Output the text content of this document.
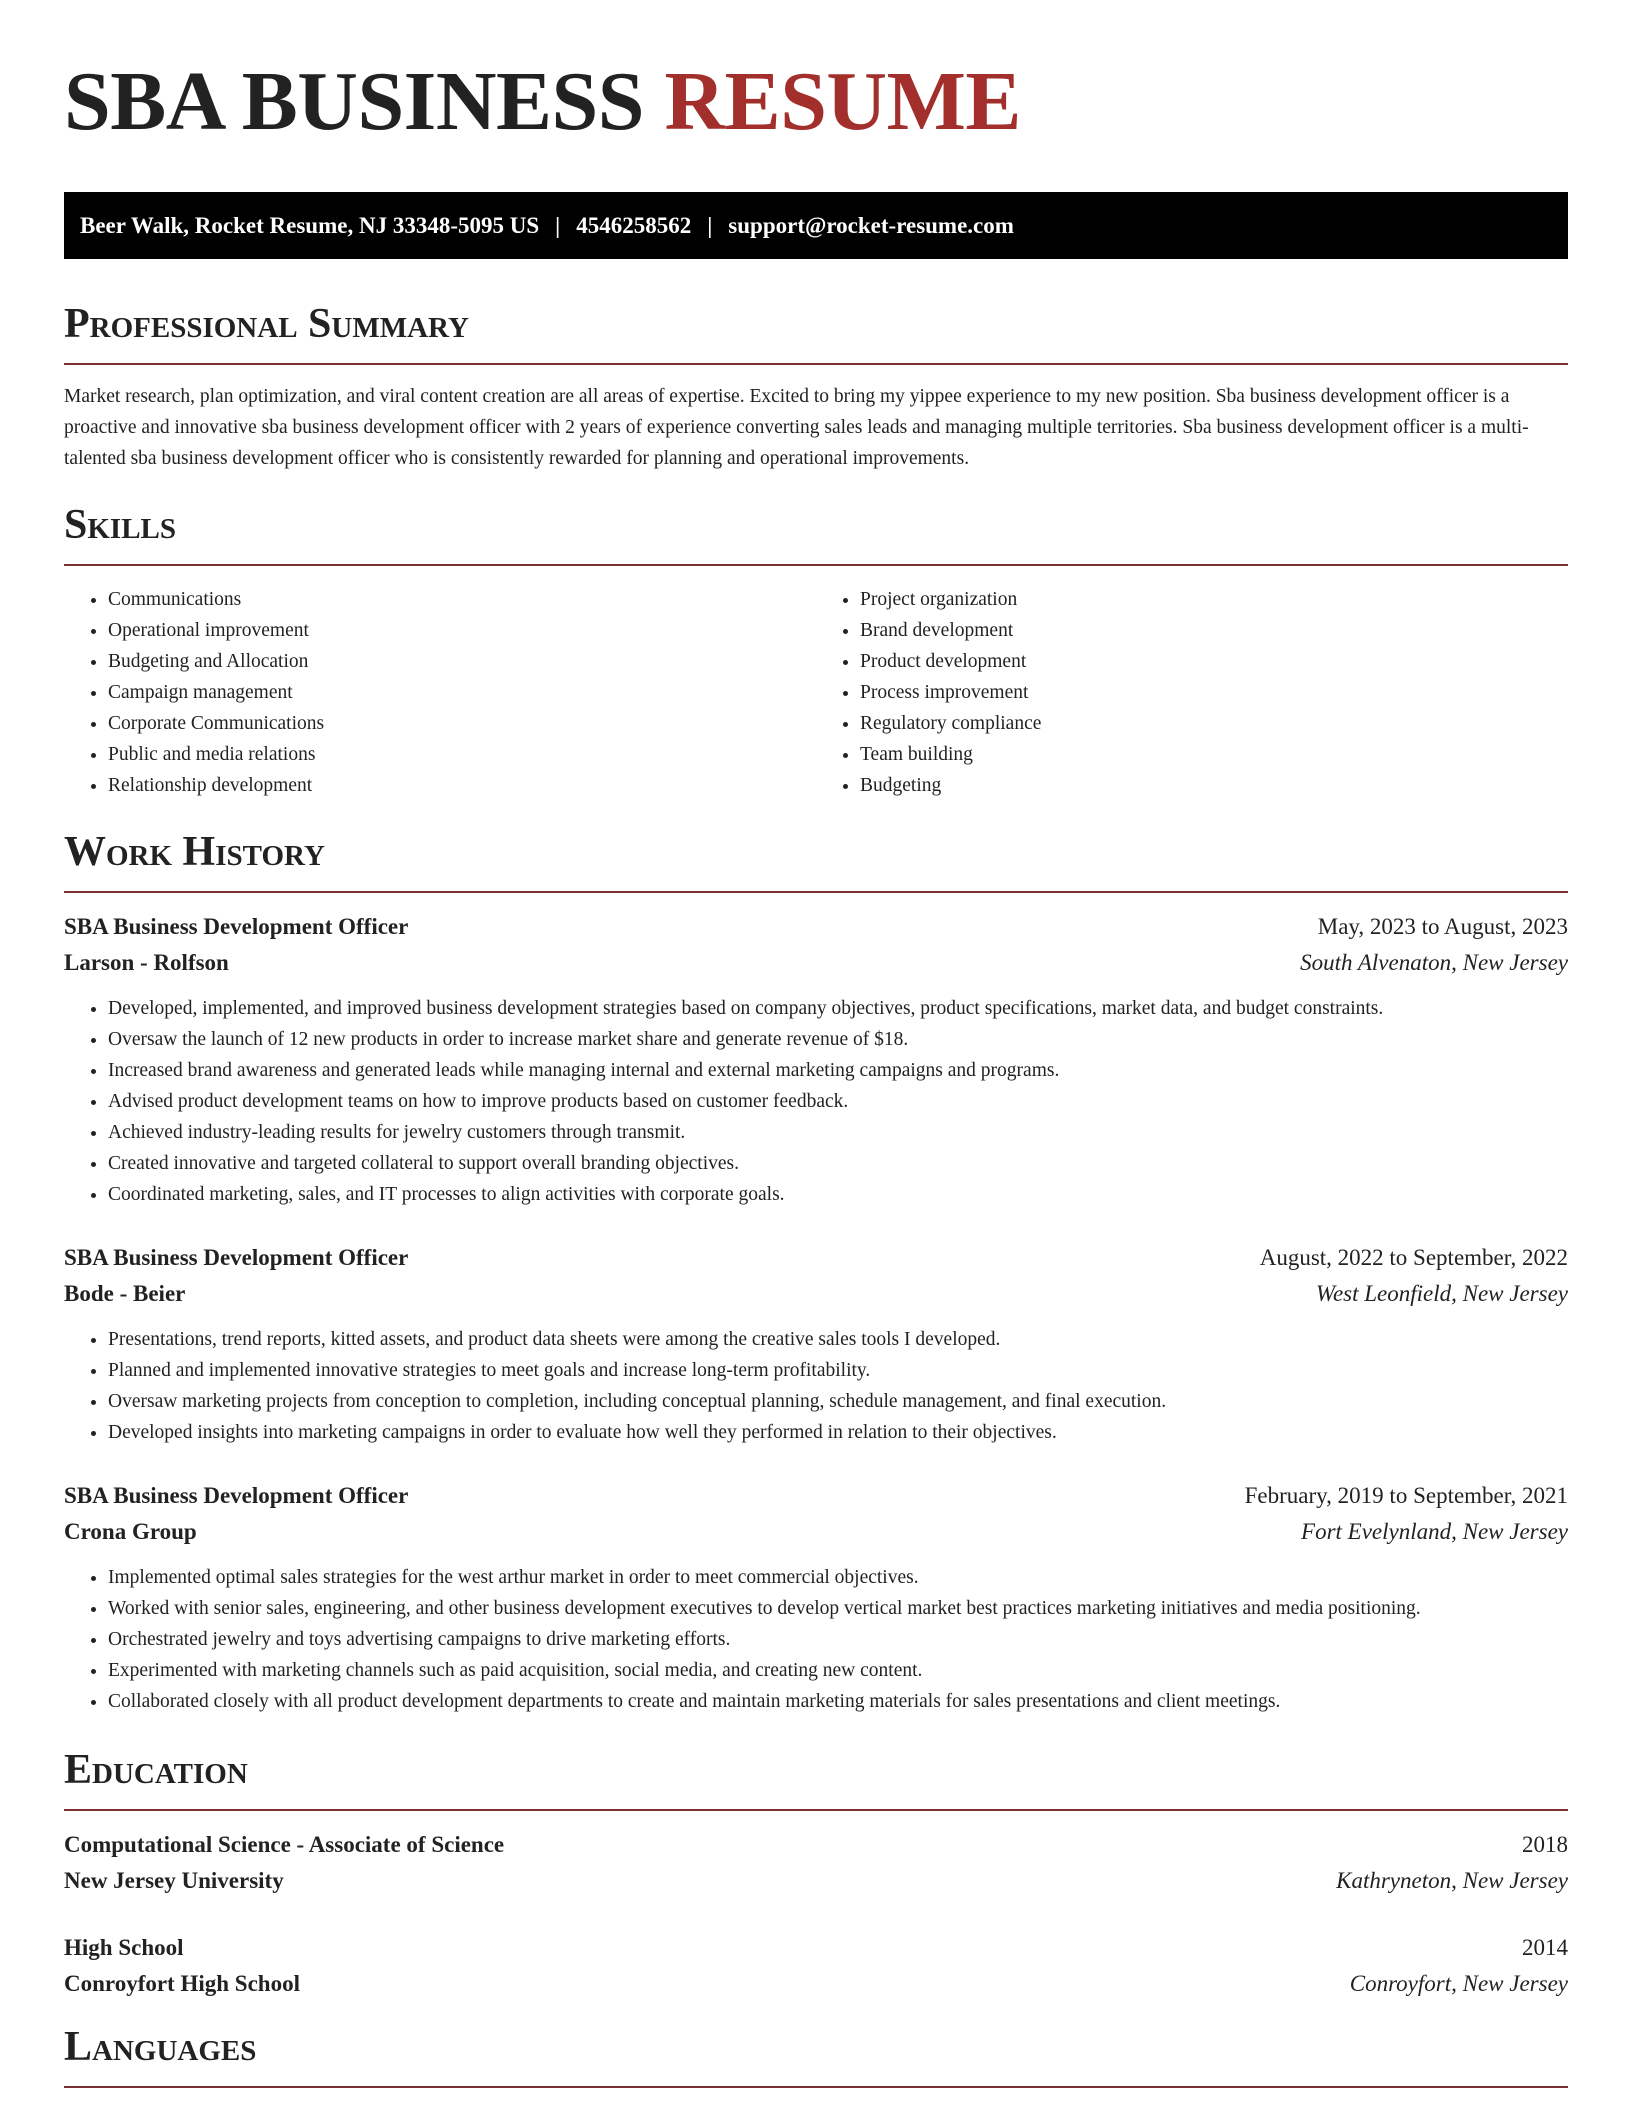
SBA BUSINESS RESUME
Beer Walk, Rocket Resume, NJ 33348-5095 US | 4546258562 | support@rocket-resume.com
Professional Summary
Market research, plan optimization, and viral content creation are all areas of expertise. Excited to bring my yippee experience to my new position. Sba business development officer is a proactive and innovative sba business development officer with 2 years of experience converting sales leads and managing multiple territories. Sba business development officer is a multi-talented sba business development officer who is consistently rewarded for planning and operational improvements.
Skills
• Communications
• Operational improvement
• Budgeting and Allocation
• Campaign management
• Corporate Communications
• Public and media relations
• Relationship development
• Project organization
• Brand development
• Product development
• Process improvement
• Regulatory compliance
• Team building
• Budgeting
Work History
SBA Business Development Officer	May, 2023 to August, 2023
Larson - Rolfson	South Alvenaton, New Jersey
• Developed, implemented, and improved business development strategies based on company objectives, product specifications, market data, and budget constraints.
• Oversaw the launch of 12 new products in order to increase market share and generate revenue of $18.
• Increased brand awareness and generated leads while managing internal and external marketing campaigns and programs.
• Advised product development teams on how to improve products based on customer feedback.
• Achieved industry-leading results for jewelry customers through transmit.
• Created innovative and targeted collateral to support overall branding objectives.
• Coordinated marketing, sales, and IT processes to align activities with corporate goals.
SBA Business Development Officer	August, 2022 to September, 2022
Bode - Beier	West Leonfield, New Jersey
• Presentations, trend reports, kitted assets, and product data sheets were among the creative sales tools I developed.
• Planned and implemented innovative strategies to meet goals and increase long-term profitability.
• Oversaw marketing projects from conception to completion, including conceptual planning, schedule management, and final execution.
• Developed insights into marketing campaigns in order to evaluate how well they performed in relation to their objectives.
SBA Business Development Officer	February, 2019 to September, 2021
Crona Group	Fort Evelynland, New Jersey
• Implemented optimal sales strategies for the west arthur market in order to meet commercial objectives.
• Worked with senior sales, engineering, and other business development executives to develop vertical market best practices marketing initiatives and media positioning.
• Orchestrated jewelry and toys advertising campaigns to drive marketing efforts.
• Experimented with marketing channels such as paid acquisition, social media, and creating new content.
• Collaborated closely with all product development departments to create and maintain marketing materials for sales presentations and client meetings.
Education
Computational Science - Associate of Science	2018
New Jersey University	Kathryneton, New Jersey
High School	2014
Conroyfort High School	Conroyfort, New Jersey
Languages
